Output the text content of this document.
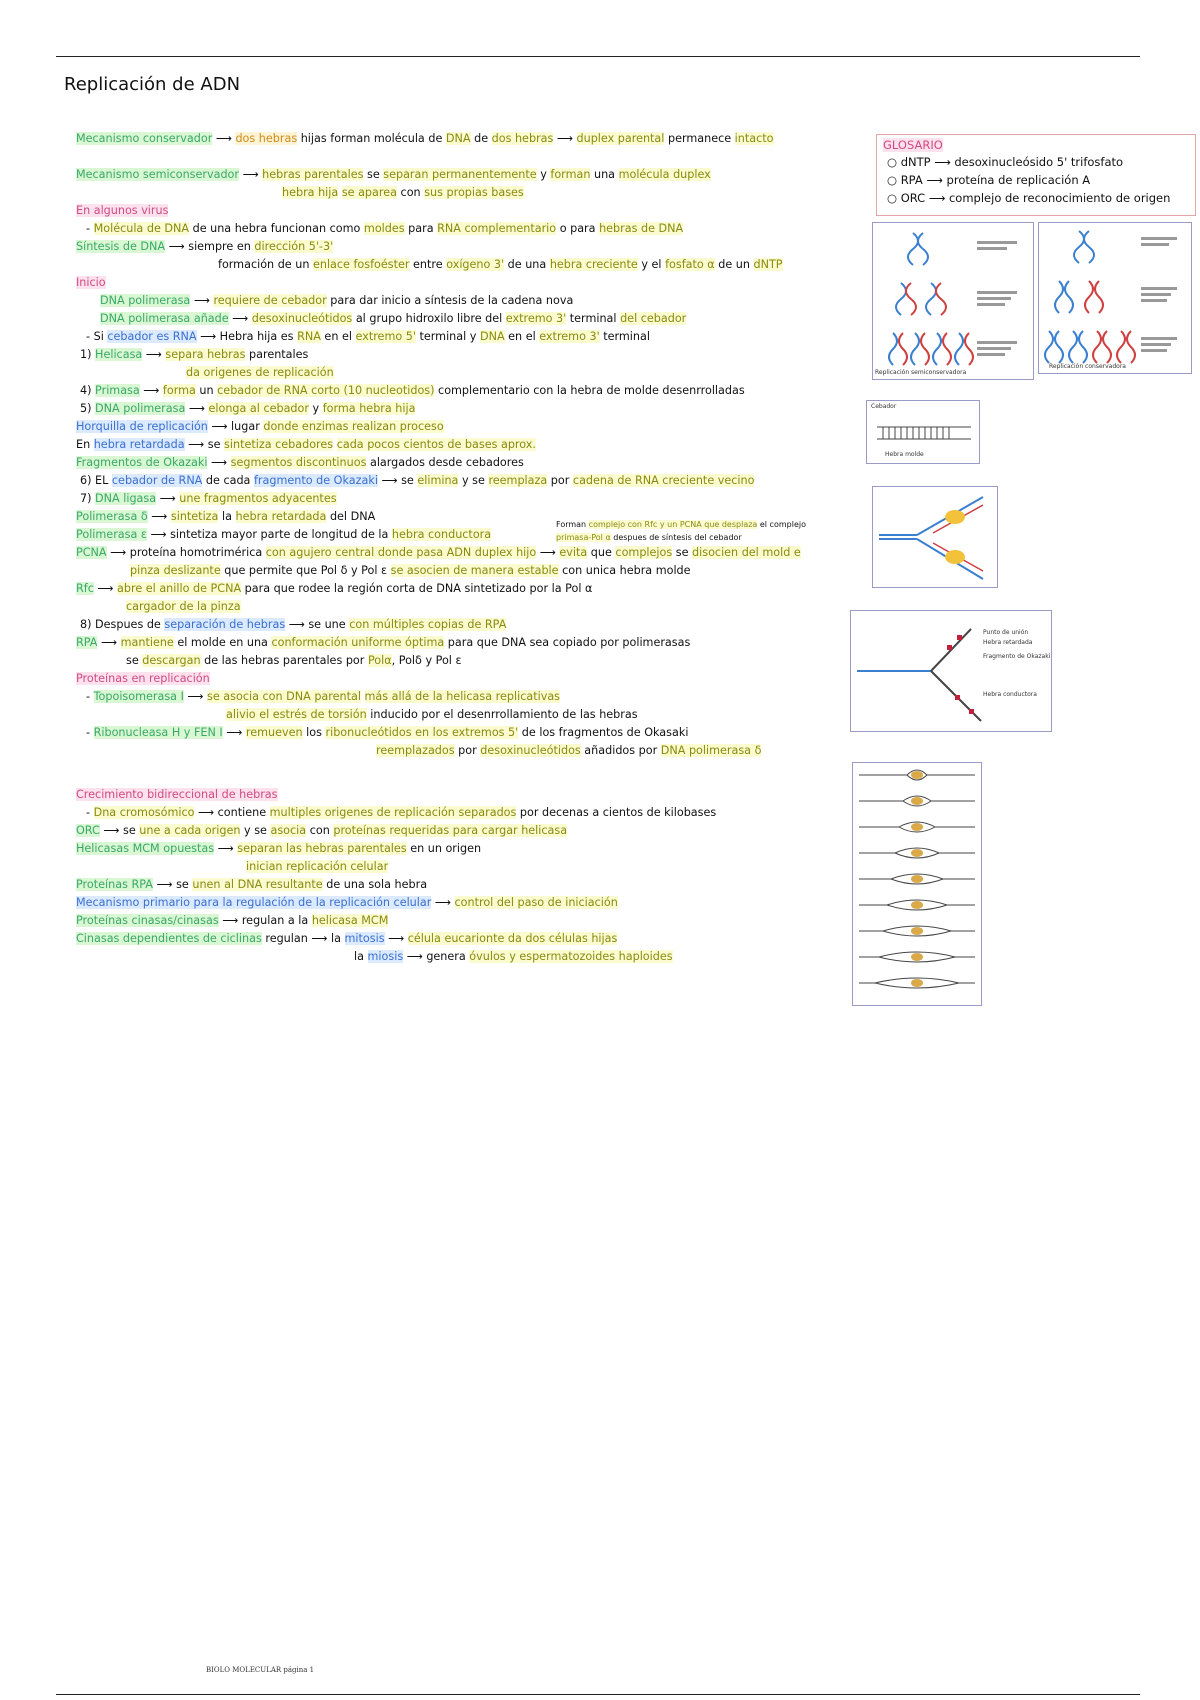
Replicación de ADN
Mecanismo conservador ⟶ dos hebras hijas forman molécula de DNA de dos hebras ⟶ duplex parental permanece intacto
Mecanismo semiconservador ⟶ hebras parentales se separan permanentemente y forman una molécula duplex
hebra hija se aparea con sus propias bases
En algunos virus
- Molécula de DNA de una hebra funcionan como moldes para RNA complementario o para hebras de DNA
Síntesis de DNA ⟶ siempre en dirección 5'-3'
formación de un enlace fosfoéster entre oxígeno 3' de una hebra creciente y el fosfato α de un dNTP
Inicio
DNA polimerasa ⟶ requiere de cebador para dar inicio a síntesis de la cadena nova
DNA polimerasa añade ⟶ desoxinucleótidos al grupo hidroxilo libre del extremo 3' terminal del cebador
- Si cebador es RNA ⟶ Hebra hija es RNA en el extremo 5' terminal y DNA en el extremo 3' terminal
1) Helicasa ⟶ separa hebras parentales
da origenes de replicación
4) Primasa ⟶ forma un cebador de RNA corto (10 nucleotidos) complementario con la hebra de molde desenrrolladas
5) DNA polimerasa ⟶ elonga al cebador y forma hebra hija
Horquilla de replicación ⟶ lugar donde enzimas realizan proceso
En hebra retardada ⟶ se sintetiza cebadores cada pocos cientos de bases aprox.
Fragmentos de Okazaki ⟶ segmentos discontinuos alargados desde cebadores
6) EL cebador de RNA de cada fragmento de Okazaki ⟶ se elimina y se reemplaza por cadena de RNA creciente vecino
7) DNA ligasa ⟶ une fragmentos adyacentes
Polimerasa δ ⟶ sintetiza la hebra retardada del DNA
Polimerasa ε ⟶ sintetiza mayor parte de longitud de la hebra conductora
PCNA ⟶ proteína homotrimérica con agujero central donde pasa ADN duplex hijo ⟶ evita que complejos se disocien del mold e
pinza deslizante que permite que Pol δ y Pol ε se asocien de manera estable con unica hebra molde
Rfc ⟶ abre el anillo de PCNA para que rodee la región corta de DNA sintetizado por la Pol α
cargador de la pinza
8) Despues de separación de hebras ⟶ se une con múltiples copias de RPA
RPA ⟶ mantiene el molde en una conformación uniforme óptima para que DNA sea copiado por polimerasas
se descargan de las hebras parentales por Polα, Polδ y Pol ε
Proteínas en replicación
- Topoisomerasa I ⟶ se asocia con DNA parental más allá de la helicasa replicativas
alivio el estrés de torsión inducido por el desenrrollamiento de las hebras
- Ribonucleasa H y FEN I ⟶ remueven los ribonucleótidos en los extremos 5' de los fragmentos de Okasaki
reemplazados por desoxinucleótidos añadidos por DNA polimerasa δ
Crecimiento bidireccional de hebras
- Dna cromosómico ⟶ contiene multiples origenes de replicación separados por decenas a cientos de kilobases
ORC ⟶ se une a cada origen y se asocia con proteínas requeridas para cargar helicasa
Helicasas MCM opuestas ⟶ separan las hebras parentales en un origen
inician replicación celular
Proteínas RPA ⟶ se unen al DNA resultante de una sola hebra
Mecanismo primario para la regulación de la replicación celular ⟶ control del paso de iniciación
Proteínas cinasas/cinasas ⟶ regulan a la helicasa MCM
Cinasas dependientes de ciclinas regulan ⟶ la mitosis ⟶ célula eucarionte da dos células hijas
la miosis ⟶ genera óvulos y espermatozoides haploides
Forman complejo con Rfc y un PCNA que desplaza el complejo
primasa-Pol α despues de síntesis del cebador
GLOSARIO
○ dNTP ⟶ desoxinucleósido 5' trifosfato
○ RPA ⟶ proteína de replicación A
○ ORC ⟶ complejo de reconocimiento de origen
Replicación semiconservadora
Replicación conservadora
Cebador
Hebra molde
Punto de unión
Hebra retardada
Fragmento de Okazaki
Hebra conductora
BIOLO MOLECULAR página 1
